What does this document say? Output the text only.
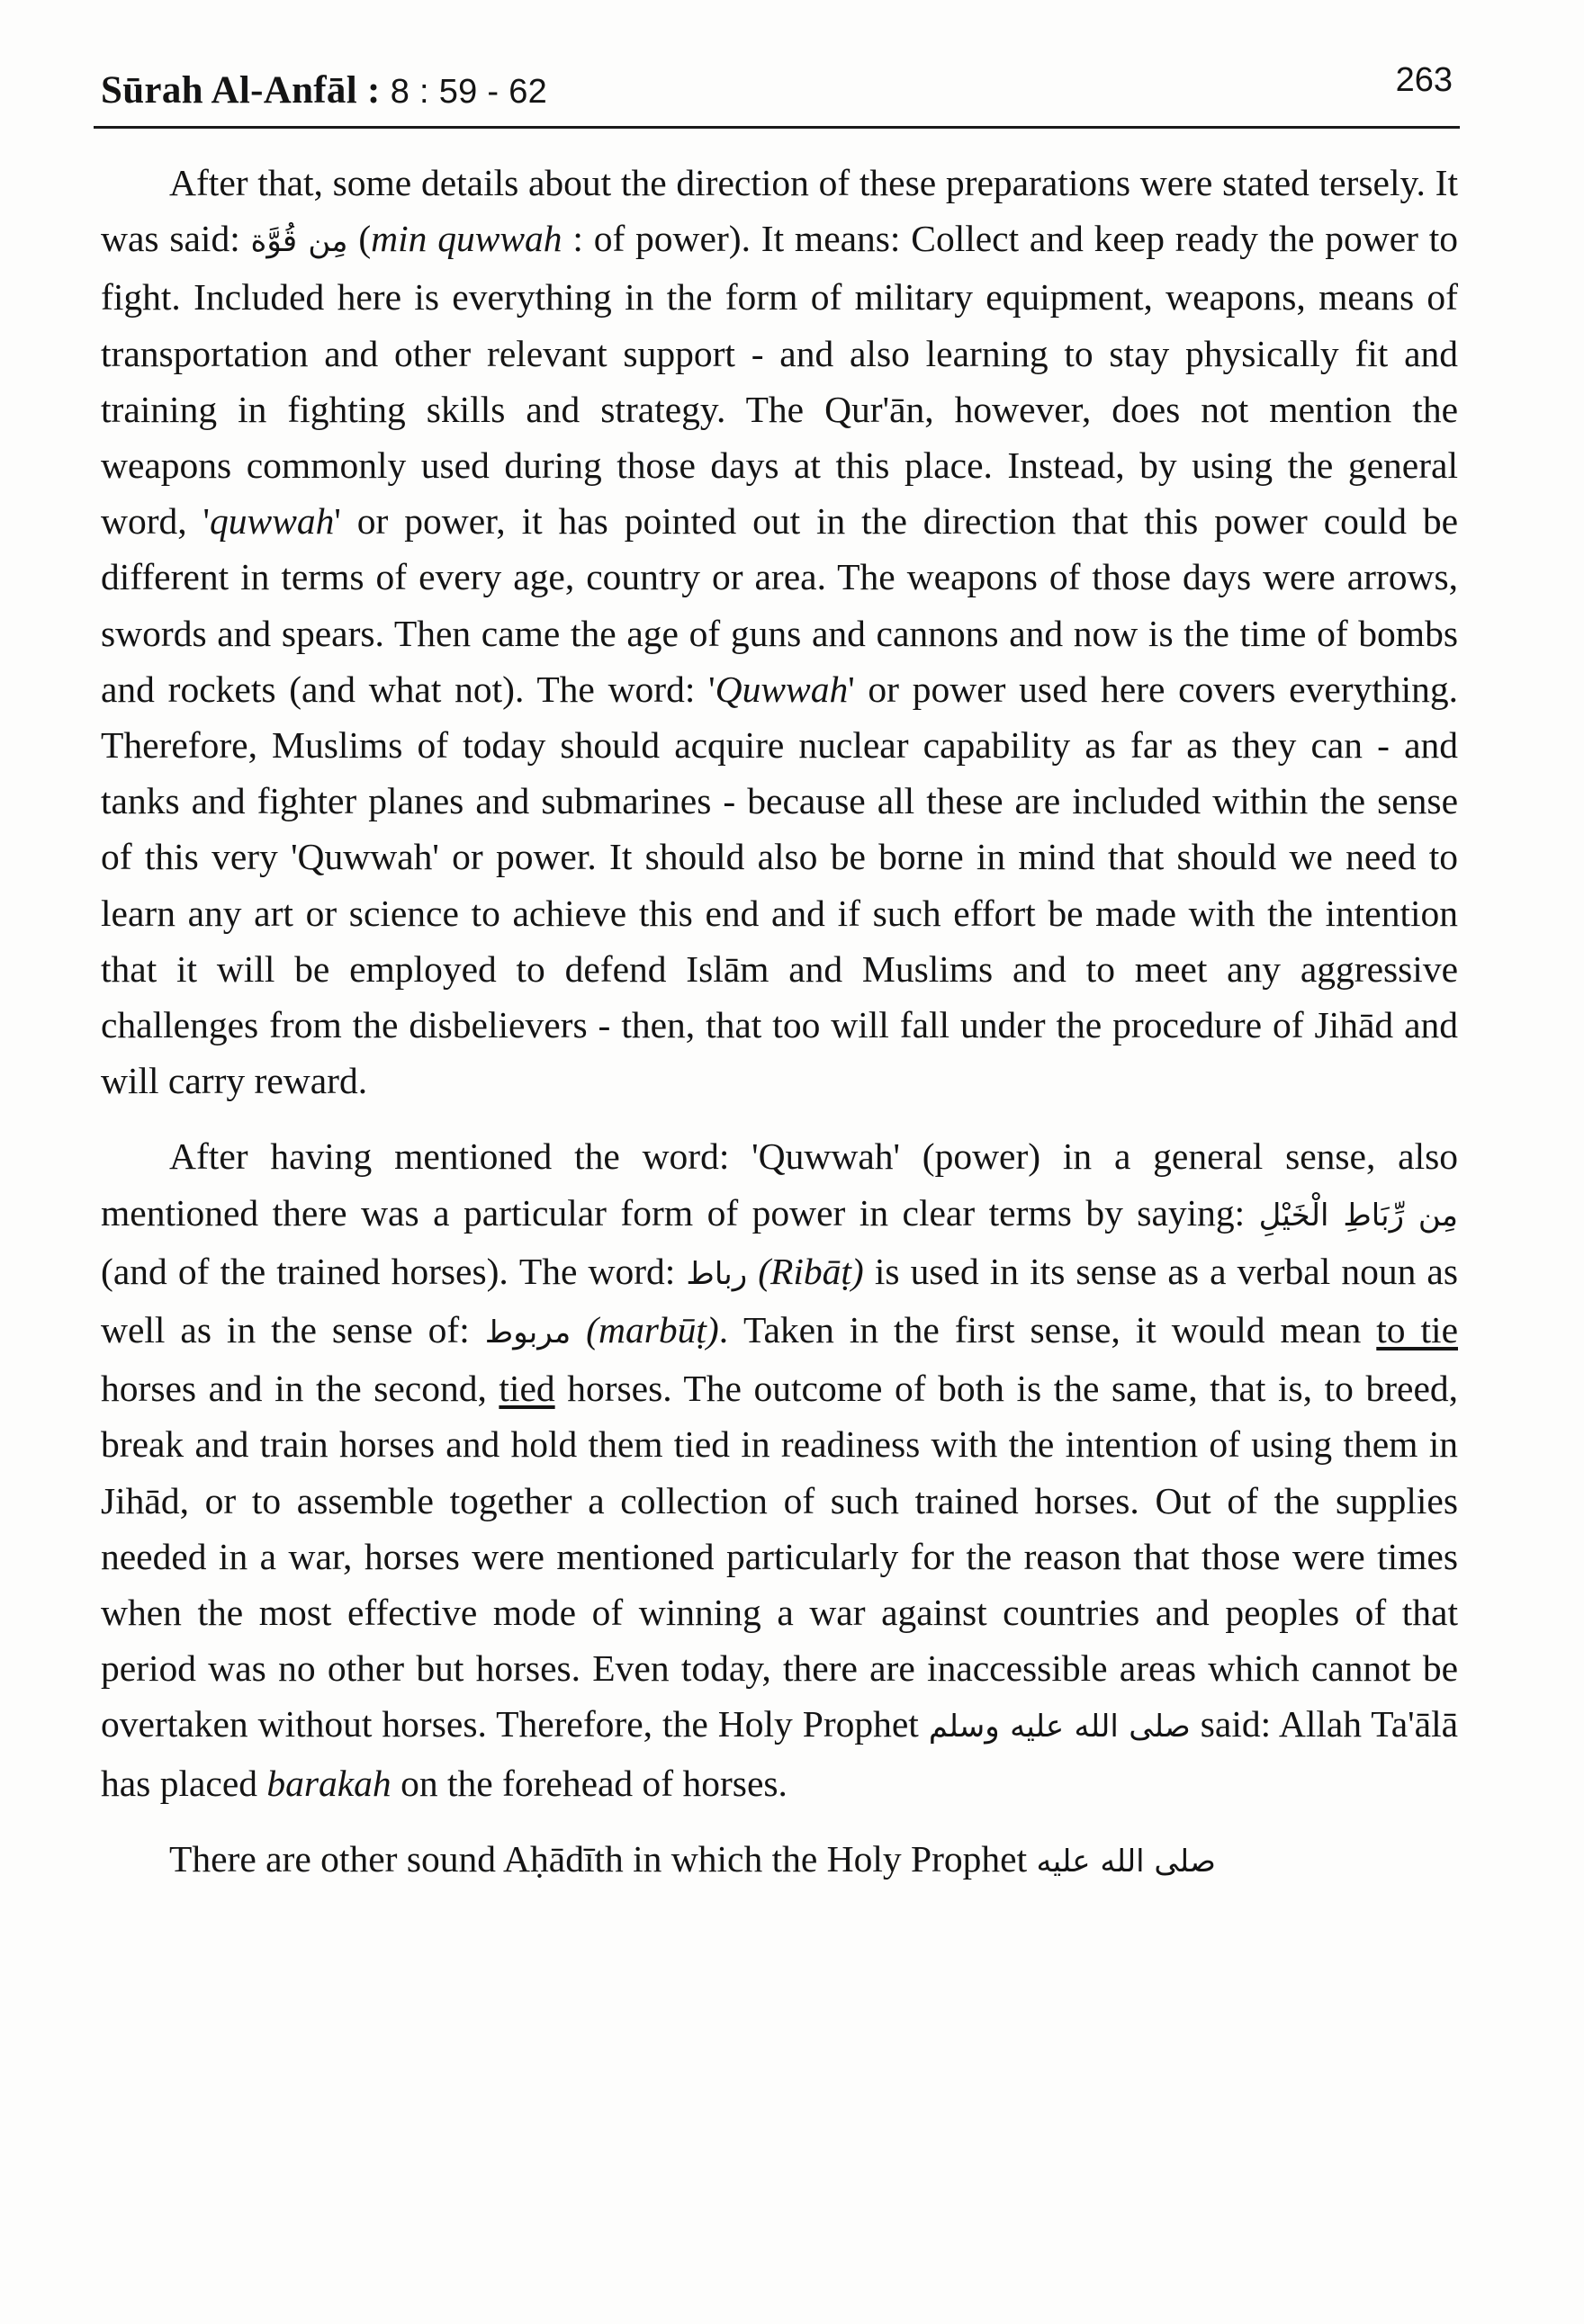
Sūrah Al-Anfāl : 8 : 59 - 62	263

After that, some details about the direction of these preparations were stated tersely. It was said: مِن قُوَّة (min quwwah : of power). It means: Collect and keep ready the power to fight. Included here is everything in the form of military equipment, weapons, means of transportation and other relevant support - and also learning to stay physically fit and training in fighting skills and strategy. The Qur'ān, however, does not mention the weapons commonly used during those days at this place. Instead, by using the general word, 'quwwah' or power, it has pointed out in the direction that this power could be different in terms of every age, country or area. The weapons of those days were arrows, swords and spears. Then came the age of guns and cannons and now is the time of bombs and rockets (and what not). The word: 'Quwwah' or power used here covers everything. Therefore, Muslims of today should acquire nuclear capability as far as they can - and tanks and fighter planes and submarines - because all these are included within the sense of this very 'Quwwah' or power. It should also be borne in mind that should we need to learn any art or science to achieve this end and if such effort be made with the intention that it will be employed to defend Islām and Muslims and to meet any aggressive challenges from the disbelievers - then, that too will fall under the procedure of Jihād and will carry reward.

After having mentioned the word: 'Quwwah' (power) in a general sense, also mentioned there was a particular form of power in clear terms by saying: مِن رِّبَاطِ الْخَيْلِ (and of the trained horses). The word: رباط (Ribāṭ) is used in its sense as a verbal noun as well as in the sense of: مربوط (marbūṭ). Taken in the first sense, it would mean to tie horses and in the second, tied horses. The outcome of both is the same, that is, to breed, break and train horses and hold them tied in readiness with the intention of using them in Jihād, or to assemble together a collection of such trained horses. Out of the supplies needed in a war, horses were mentioned particularly for the reason that those were times when the most effective mode of winning a war against countries and peoples of that period was no other but horses. Even today, there are inaccessible areas which cannot be overtaken without horses. Therefore, the Holy Prophet صلى الله عليه وسلم said: Allah Ta'ālā has placed barakah on the forehead of horses.

There are other sound Aḥādīth in which the Holy Prophet صلى الله عليه
